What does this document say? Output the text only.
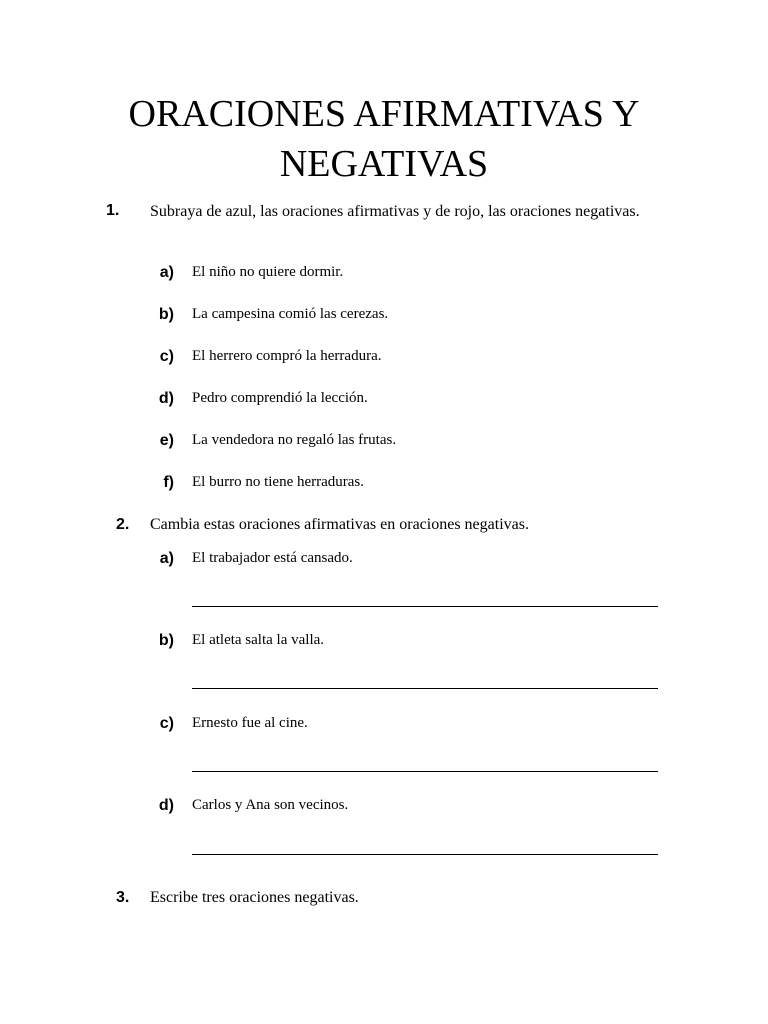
ORACIONES AFIRMATIVAS Y
NEGATIVAS
1. Subraya de azul, las oraciones afirmativas y de rojo, las oraciones negativas.
a) El niño no quiere dormir.
b) La campesina comió las cerezas.
c) El herrero compró la herradura.
d) Pedro comprendió la lección.
e) La vendedora no regaló las frutas.
f) El burro no tiene herraduras.
2. Cambia estas oraciones afirmativas en oraciones negativas.
a) El trabajador está cansado.
b) El atleta salta la valla.
c) Ernesto fue al cine.
d) Carlos y Ana son vecinos.
3. Escribe tres oraciones negativas.
